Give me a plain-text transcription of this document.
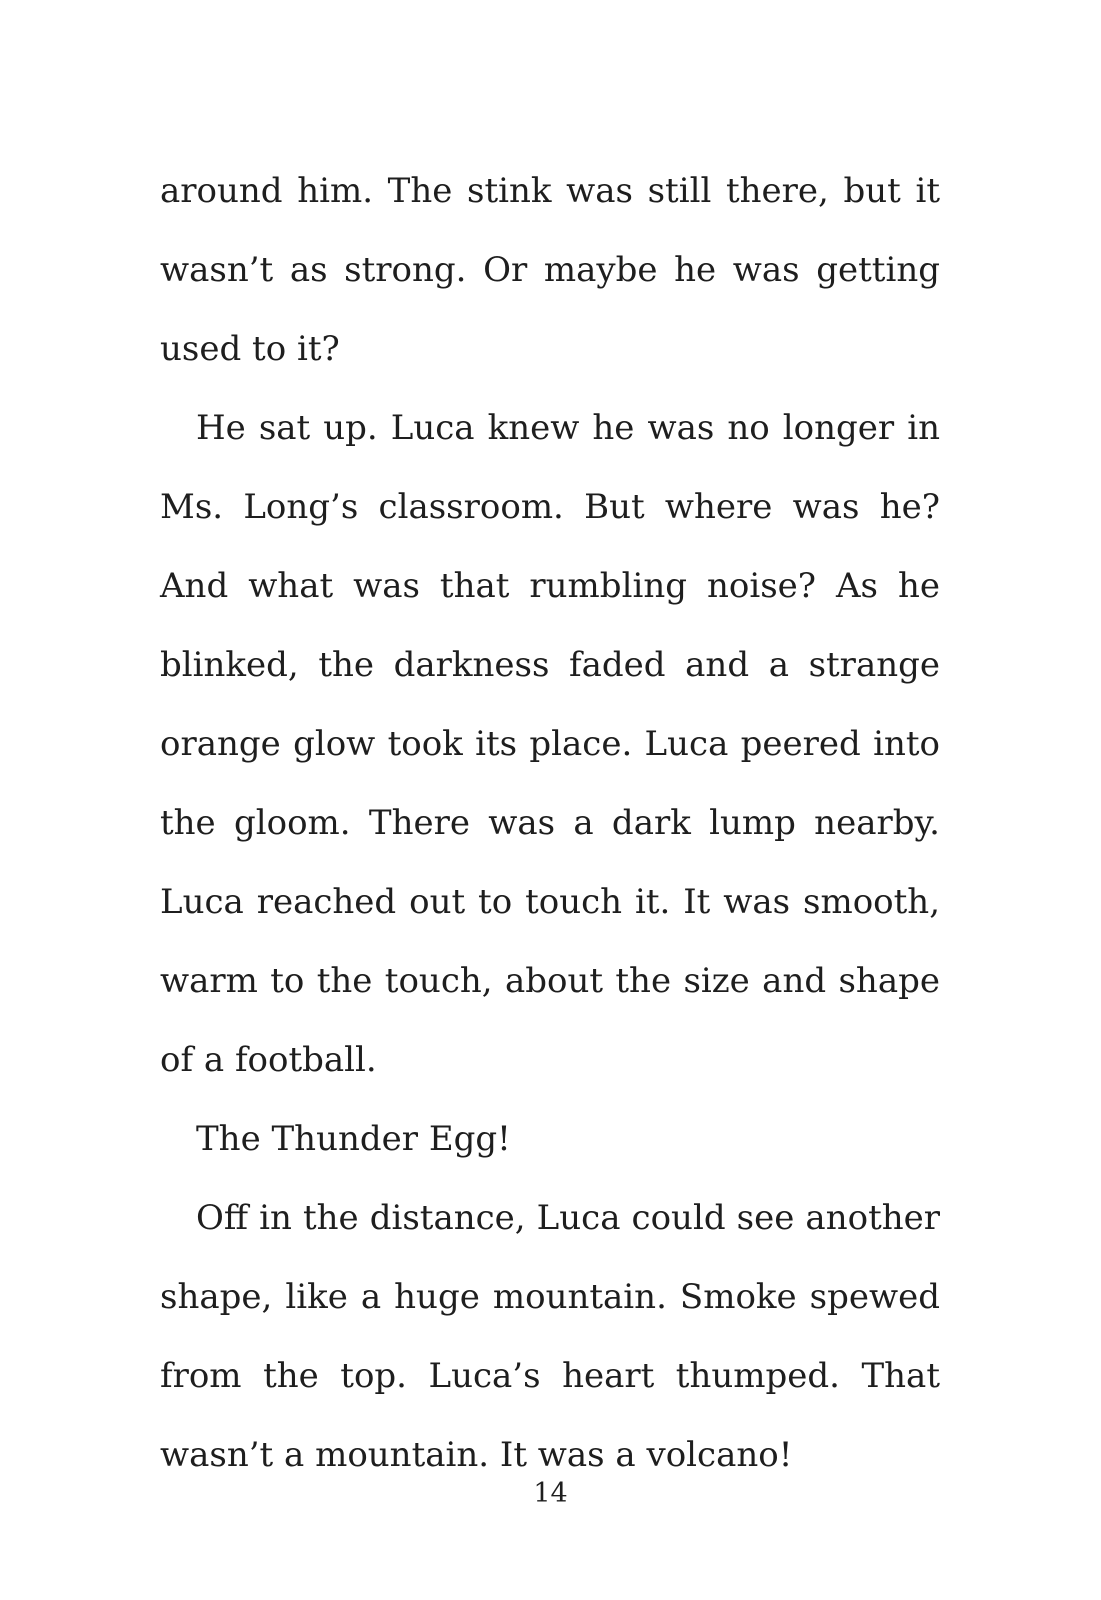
around him. The stink was still there, but it wasn’t as strong. Or maybe he was getting used to it?

He sat up. Luca knew he was no longer in Ms. Long’s classroom. But where was he? And what was that rumbling noise? As he blinked, the darkness faded and a strange orange glow took its place. Luca peered into the gloom. There was a dark lump nearby. Luca reached out to touch it. It was smooth, warm to the touch, about the size and shape of a football.

The Thunder Egg!

Off in the distance, Luca could see another shape, like a huge mountain. Smoke spewed from the top. Luca’s heart thumped. That wasn’t a mountain. It was a volcano!

14
